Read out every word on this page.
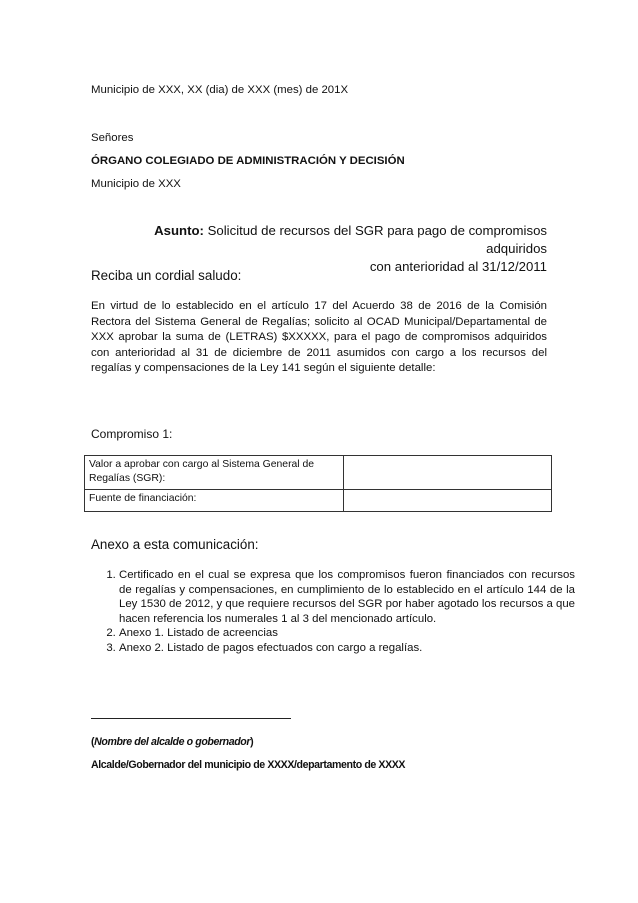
Municipio de XXX, XX (dia) de XXX (mes) de 201X
Señores
ÓRGANO COLEGIADO DE ADMINISTRACIÓN Y DECISIÓN
Municipio de XXX
Asunto: Solicitud de recursos del SGR para pago de compromisos adquiridos
con anterioridad al 31/12/2011
Reciba un cordial saludo:
En virtud de lo establecido en el artículo 17 del Acuerdo 38 de 2016 de la Comisión Rectora del Sistema General de Regalías; solicito al OCAD Municipal/Departamental de XXX aprobar la suma de (LETRAS) $XXXXX, para el pago de compromisos adquiridos con anterioridad al 31 de diciembre de 2011 asumidos con cargo a los recursos del regalías y compensaciones de la Ley 141 según el siguiente detalle:
Compromiso 1:
Valor a aprobar con cargo al Sistema General de Regalías (SGR):	
Fuente de financiación:	
Anexo a esta comunicación:
1. Certificado en el cual se expresa que los compromisos fueron financiados con recursos de regalías y compensaciones, en cumplimiento de lo establecido en el artículo 144 de la Ley 1530 de 2012, y que requiere recursos del SGR por haber agotado los recursos a que hacen referencia los numerales 1 al 3 del mencionado artículo.
2. Anexo 1. Listado de acreencias
3. Anexo 2. Listado de pagos efectuados con cargo a regalías.
(Nombre del alcalde o gobernador)
Alcalde/Gobernador del municipio de XXXX/departamento de XXXX
